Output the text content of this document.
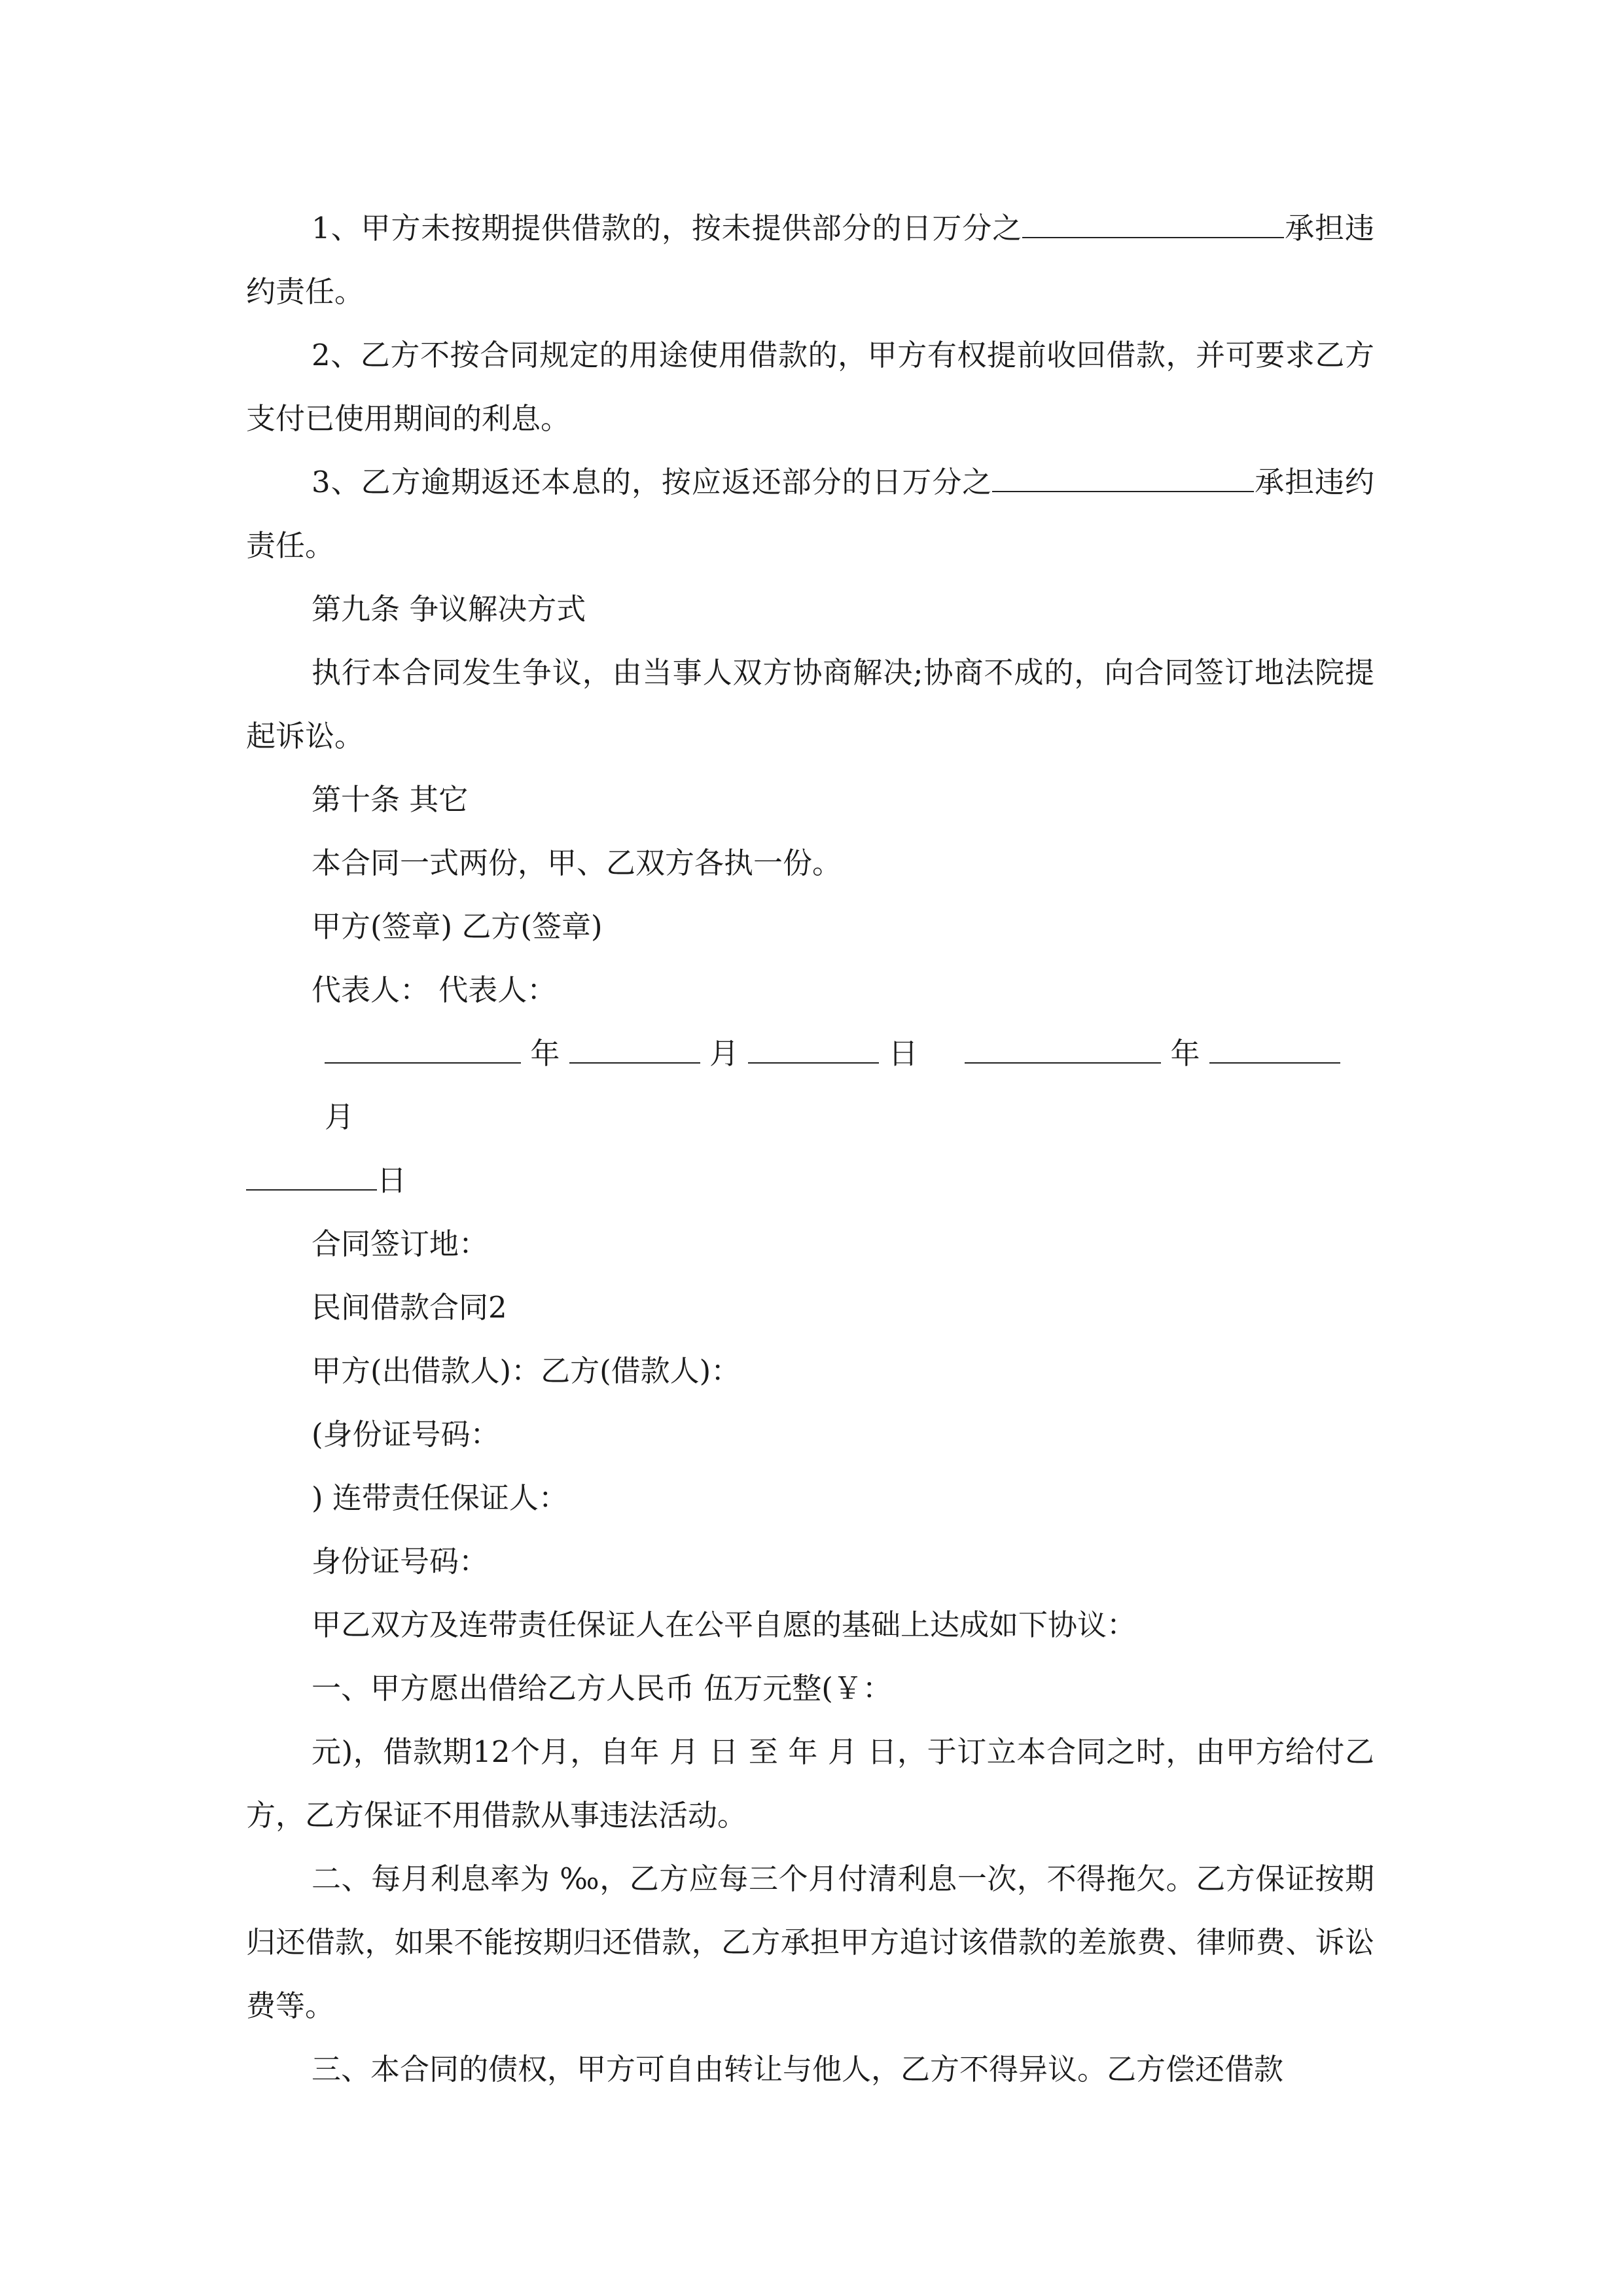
1、甲方未按期提供借款的，按未提供部分的日万分之	承担违约责任。

2、乙方不按合同规定的用途使用借款的，甲方有权提前收回借款，并可要求乙方支付已使用期间的利息。

3、乙方逾期返还本息的，按应返还部分的日万分之	承担违约责任。

第九条 争议解决方式

执行本合同发生争议，由当事人双方协商解决;协商不成的，向合同签订地法院提起诉讼。

第十条 其它

本合同一式两份，甲、乙双方各执一份。

甲方(签章) 乙方(签章)

代表人： 代表人：

年	月	日	年  月
日

合同签订地：

民间借款合同2

甲方(出借款人)：乙方(借款人)：

(身份证号码：

) 连带责任保证人：

身份证号码：

甲乙双方及连带责任保证人在公平自愿的基础上达成如下协议：

一、甲方愿出借给乙方人民币 伍万元整(￥：

元)，借款期12个月，自年 月 日 至 年 月 日，于订立本合同之时，由甲方给付乙方，乙方保证不用借款从事违法活动。

二、每月利息率为 ‰，乙方应每三个月付清利息一次，不得拖欠。乙方保证按期归还借款，如果不能按期归还借款，乙方承担甲方追讨该借款的差旅费、律师费、诉讼费等。

三、本合同的债权，甲方可自由转让与他人，乙方不得异议。乙方偿还借款
